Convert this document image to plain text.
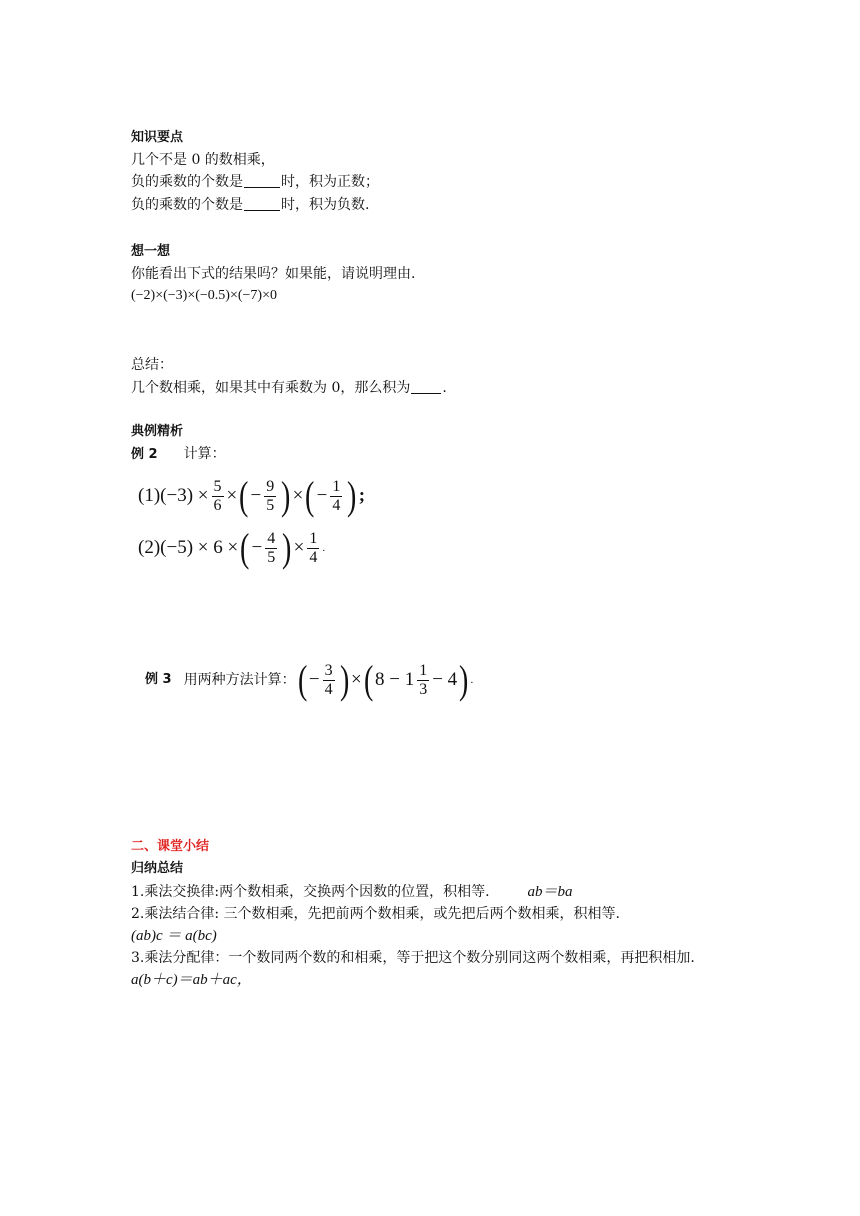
知识要点
几个不是 0 的数相乘，
负的乘数的个数是	时，积为正数；
负的乘数的个数是	时，积为负数.
想一想
你能看出下式的结果吗？如果能，请说明理由.
(−2)×(−3)×(−0.5)×(−7)×0
总结：
几个数相乘，如果其中有乘数为 0，那么积为 .
典例精析
例 2 计算：
$(1)(-3) \times \frac{5}{6}$ × ( − $\frac{9}{5}$ ) × ( − $\frac{1}{4}$ ) ;
(2)(−5) × 6 × ( − $\frac{4}{5}$ ) × $\frac{1}{4}$ .
例 3 用两种方法计算： ( − $\frac{3}{4}$ ) × ( $8 - 1 \frac{1}{3} - 4$ ) .
二、课堂小结
归纳总结
1.乘法交换律:两个数相乘，交换两个因数的位置，积相等.	ab＝ba
2.乘法结合律: 三个数相乘，先把前两个数相乘，或先把后两个数相乘，积相等.
(ab)c ＝ a(bc)
3.乘法分配律：一个数同两个数的和相乘，等于把这个数分别同这两个数相乘，再把积相加.
a(b＋c)＝ab＋ac，
